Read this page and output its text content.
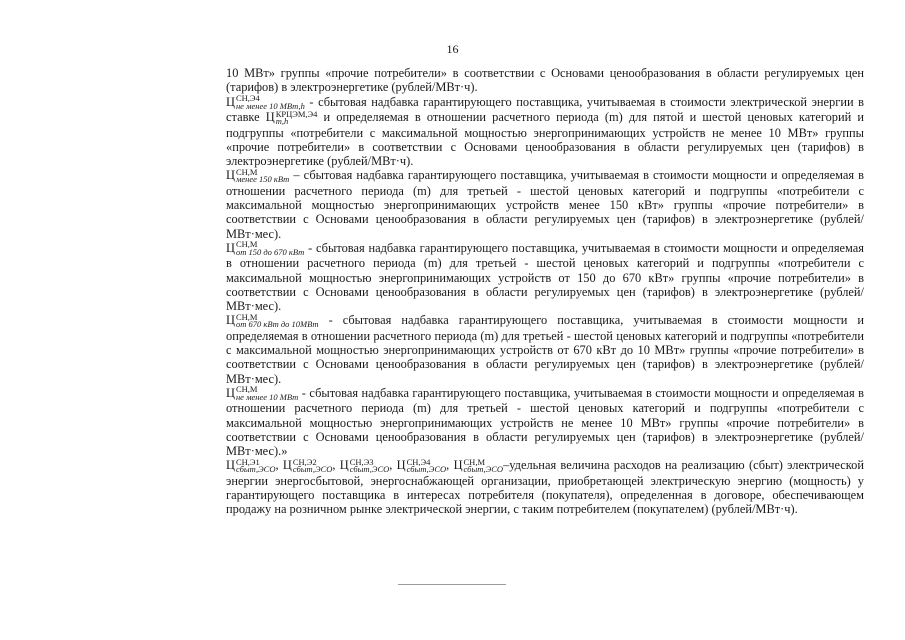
16

10 МВт» группы «прочие потребители» в соответствии с Основами ценообразования в области регулируемых цен (тарифов) в электроэнергетике (рублей/МВт·ч).

Ц СН,Э4
не менее 10 МВт,h - сбытовая надбавка гарантирующего поставщика, учитываемая в стоимости электрической энергии в ставке Ц КРЦЭМ,Э4
m,h	и определяемая в отношении расчетного периода (m) для пятой и шестой ценовых категорий и подгруппы «потребители с максимальной мощностью энергопринимающих устройств не менее 10 МВт» группы «прочие потребители» в соответствии с Основами ценообразования в области регулируемых цен (тарифов) в электроэнергетике (рублей/МВт·ч).

Ц СН,М
менее 150 кВт – сбытовая надбавка гарантирующего поставщика, учитываемая в стоимости мощности и определяемая в отношении расчетного периода (m) для третьей - шестой ценовых категорий и подгруппы «потребители с максимальной мощностью энергопринимающих устройств менее 150 кВт» группы «прочие потребители» в соответствии с Основами ценообразования в области регулируемых цен (тарифов) в электроэнергетике (рублей/МВт·мес).

Ц СН,М
от 150 до 670 кВт - сбытовая надбавка гарантирующего поставщика, учитываемая в стоимости мощности и определяемая в отношении расчетного периода (m) для третьей - шестой ценовых категорий и подгруппы «потребители с максимальной мощностью энергопринимающих устройств от 150 до 670 кВт» группы «прочие потребители» в соответствии с Основами ценообразования в области регулируемых цен (тарифов) в электроэнергетике (рублей/МВт·мес).

Ц СН,М
от 670 кВт до 10МВт - сбытовая надбавка гарантирующего поставщика, учитываемая в стоимости мощности и определяемая в отношении расчетного периода (m) для третьей - шестой ценовых категорий и подгруппы «потребители с максимальной мощностью энергопринимающих устройств от 670 кВт до 10 МВт» группы «прочие потребители» в соответствии с Основами ценообразования в области регулируемых цен (тарифов) в электроэнергетике (рублей/МВт·мес).

Ц СН,М
не менее 10 МВт - сбытовая надбавка гарантирующего поставщика, учитываемая в стоимости мощности и определяемая в отношении расчетного периода (m) для третьей - шестой ценовых категорий и подгруппы «потребители с максимальной мощностью энергопринимающих устройств не менее 10 МВт» группы «прочие потребители» в соответствии с Основами ценообразования в области регулируемых цен (тарифов) в электроэнергетике (рублей/МВт·мес).»

Ц СН,Э1
сбыт,ЭСО , Ц СН,Э2
сбыт,ЭСО , Ц СН,Э3
сбыт,ЭСО , Ц СН,Э4
сбыт,ЭСО , Ц СН,М
сбыт,ЭСО –удельная величина расходов на реализацию (сбыт) электрической энергии энергосбытовой, энергоснабжающей организации, приобретающей электрическую энергию (мощность) у гарантирующего поставщика в интересах потребителя (покупателя), определенная в договоре, обеспечивающем продажу на розничном рынке электрической энергии, с таким потребителем (покупателем) (рублей/МВт·ч).
